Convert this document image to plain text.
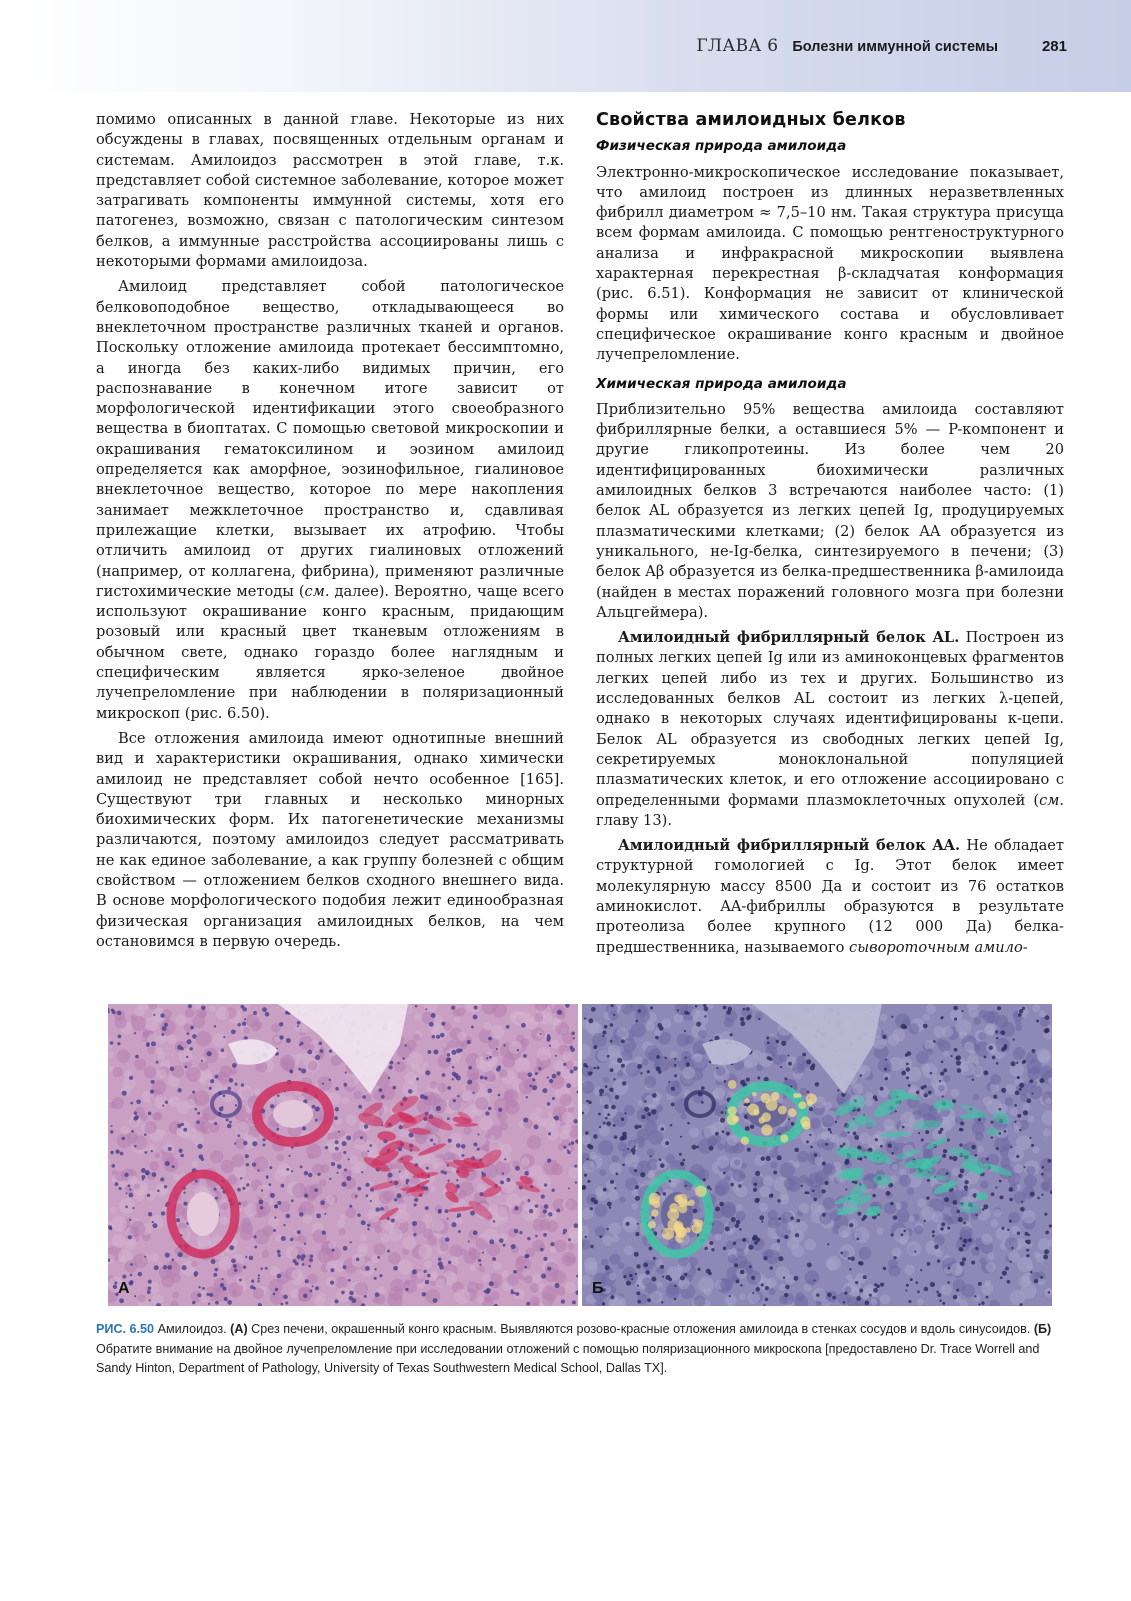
ГЛАВА 6 Болезни иммунной системы	281

помимо описанных в данной главе. Некоторые из них обсуждены в главах, посвященных отдельным органам и системам. Амилоидоз рассмотрен в этой главе, т.к. представляет собой системное заболевание, которое может затрагивать компоненты иммунной системы, хотя его патогенез, возможно, связан с патологическим синтезом белков, а иммунные расстройства ассоциированы лишь с некоторыми формами амилоидоза.

Амилоид представляет собой патологическое белковоподобное вещество, откладывающееся во внеклеточном пространстве различных тканей и органов. Поскольку отложение амилоида протекает бессимптомно, а иногда без каких-либо видимых причин, его распознавание в конечном итоге зависит от морфологической идентификации этого своеобразного вещества в биоптатах. С помощью световой микроскопии и окрашивания гематоксилином и эозином амилоид определяется как аморфное, эозинофильное, гиалиновое внеклеточное вещество, которое по мере накопления занимает межклеточное пространство и, сдавливая прилежащие клетки, вызывает их атрофию. Чтобы отличить амилоид от других гиалиновых отложений (например, от коллагена, фибрина), применяют различные гистохимические методы (см. далее). Вероятно, чаще всего используют окрашивание конго красным, придающим розовый или красный цвет тканевым отложениям в обычном свете, однако гораздо более наглядным и специфическим является ярко-зеленое двойное лучепреломление при наблюдении в поляризационный микроскоп (рис. 6.50).

Все отложения амилоида имеют однотипные внешний вид и характеристики окрашивания, однако химически амилоид не представляет собой нечто особенное [165]. Существуют три главных и несколько минорных биохимических форм. Их патогенетические механизмы различаются, поэтому амилоидоз следует рассматривать не как единое заболевание, а как группу болезней с общим свойством — отложением белков сходного внешнего вида. В основе морфологического подобия лежит единообразная физическая организация амилоидных белков, на чем остановимся в первую очередь.

Свойства амилоидных белков
Физическая природа амилоида

Электронно-микроскопическое исследование показывает, что амилоид построен из длинных неразветвленных фибрилл диаметром ≈ 7,5–10 нм. Такая структура присуща всем формам амилоида. С помощью рентгеноструктурного анализа и инфракрасной микроскопии выявлена характерная перекрестная β-складчатая конформация (рис. 6.51). Конформация не зависит от клинической формы или химического состава и обусловливает специфическое окрашивание конго красным и двойное лучепреломление.

Химическая природа амилоида

Приблизительно 95% вещества амилоида составляют фибриллярные белки, а оставшиеся 5% — P-компонент и другие гликопротеины. Из более чем 20 идентифицированных биохимически различных амилоидных белков 3 встречаются наиболее часто: (1) белок AL образуется из легких цепей Ig, продуцируемых плазматическими клетками; (2) белок AA образуется из уникального, не-Ig-белка, синтезируемого в печени; (3) белок Aβ образуется из белка-предшественника β-амилоида (найден в местах поражений головного мозга при болезни Альцгеймера).

Амилоидный фибриллярный белок AL. Построен из полных легких цепей Ig или из аминоконцевых фрагментов легких цепей либо из тех и других. Большинство из исследованных белков AL состоит из легких λ-цепей, однако в некоторых случаях идентифицированы κ-цепи. Белок AL образуется из свободных легких цепей Ig, секретируемых моноклональной популяцией плазматических клеток, и его отложение ассоциировано с определенными формами плазмоклеточных опухолей (см. главу 13).

Амилоидный фибриллярный белок AA. Не обладает структурной гомологией с Ig. Этот белок имеет молекулярную массу 8500 Да и состоит из 76 остатков аминокислот. AA-фибриллы образуются в результате протеолиза более крупного (12 000 Да) белка-предшественника, называемого сывороточным амило-

А	Б
РИС. 6.50 Амилоидоз. (A) Срез печени, окрашенный конго красным. Выявляются розово-красные отложения амилоида в стенках сосудов и вдоль синусоидов. (Б) Обратите внимание на двойное лучепреломление при исследовании отложений с помощью поляризационного микроскопа [предоставлено Dr. Trace Worrell and Sandy Hinton, Department of Pathology, University of Texas Southwestern Medical School, Dallas TX].
